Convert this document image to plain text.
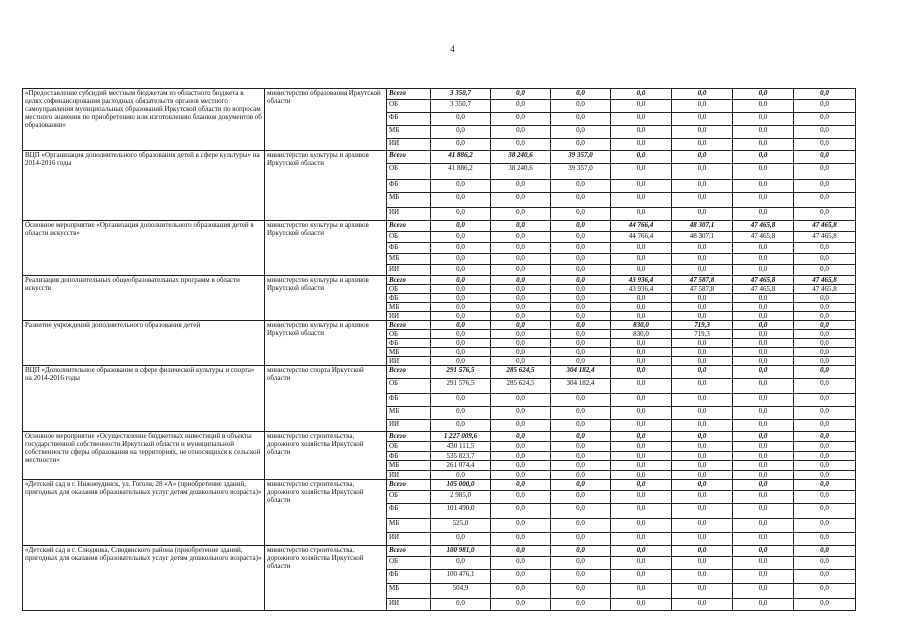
4
«Предоставление субсидий местным бюджетам из областного бюджета в целях софинансирования расходных обязательств органов местного самоуправления муниципальных образований Иркутской области по вопросам местного значения по приобретению или изготовлению бланков документов об образовании»	министерство образования Иркутской области	Всего	3 350,7	0,0	0,0	0,0	0,0	0,0	0,0
		ОБ	3 350,7	0,0	0,0	0,0	0,0	0,0	0,0
		ФБ	0,0	0,0	0,0	0,0	0,0	0,0	0,0
		МБ	0,0	0,0	0,0	0,0	0,0	0,0	0,0
		ИИ	0,0	0,0	0,0	0,0	0,0	0,0	0,0
ВЦП «Организация дополнительного образования детей в сфере культуры» на 2014-2016 годы	министерство культуры и архивов Иркутской области	Всего	41 886,2	38 240,6	39 357,0	0,0	0,0	0,0	0,0
		ОБ	41 886,2	38 240,6	39 357,0	0,0	0,0	0,0	0,0
		ФБ	0,0	0,0	0,0	0,0	0,0	0,0	0,0
		МБ	0,0	0,0	0,0	0,0	0,0	0,0	0,0
		ИИ	0,0	0,0	0,0	0,0	0,0	0,0	0,0
Основное мероприятие «Организация дополнительного образования детей в области искусств»	министерство культуры и архивов Иркутской области	Всего	0,0	0,0	0,0	44 766,4	48 307,1	47 465,8	47 465,8
		ОБ	0,0	0,0	0,0	44 766,4	48 307,1	47 465,8	47 465,8
		ФБ	0,0	0,0	0,0	0,0	0,0	0,0	0,0
		МБ	0,0	0,0	0,0	0,0	0,0	0,0	0,0
		ИИ	0,0	0,0	0,0	0,0	0,0	0,0	0,0
Реализация дополнительных общеобразовательных программ в области искусств	министерство культуры и архивов Иркутской области	Всего	0,0	0,0	0,0	43 936,4	47 587,8	47 465,8	47 465,8
		ОБ	0,0	0,0	0,0	43 936,4	47 587,8	47 465,8	47 465,8
		ФБ	0,0	0,0	0,0	0,0	0,0	0,0	0,0
		МБ	0,0	0,0	0,0	0,0	0,0	0,0	0,0
		ИИ	0,0	0,0	0,0	0,0	0,0	0,0	0,0
Развитие учреждений дополнительного образования детей	министерство культуры и архивов Иркутской области	Всего	0,0	0,0	0,0	830,0	719,3	0,0	0,0
		ОБ	0,0	0,0	0,0	830,0	719,3	0,0	0,0
		ФБ	0,0	0,0	0,0	0,0	0,0	0,0	0,0
		МБ	0,0	0,0	0,0	0,0	0,0	0,0	0,0
		ИИ	0,0	0,0	0,0	0,0	0,0	0,0	0,0
ВЦП «Дополнительное образование в сфере физической культуры и спорта» на 2014-2016 годы	министерство спорта Иркутской области	Всего	291 576,5	285 624,5	304 182,4	0,0	0,0	0,0	0,0
		ОБ	291 576,5	285 624,5	304 182,4	0,0	0,0	0,0	0,0
		ФБ	0,0	0,0	0,0	0,0	0,0	0,0	0,0
		МБ	0,0	0,0	0,0	0,0	0,0	0,0	0,0
		ИИ	0,0	0,0	0,0	0,0	0,0	0,0	0,0
Основное мероприятие «Осуществление бюджетных инвестиций в объекты государственной собственности Иркутской области и муниципальной собственности сферы образования на территориях, не относящихся к сельской местности»	министерство строительства, дорожного хозяйства Иркутской области	Всего	1 227 009,6	0,0	0,0	0,0	0,0	0,0	0,0
		ОБ	430 111,5	0,0	0,0	0,0	0,0	0,0	0,0
		ФБ	535 823,7	0,0	0,0	0,0	0,0	0,0	0,0
		МБ	261 074,4	0,0	0,0	0,0	0,0	0,0	0,0
		ИИ	0,0	0,0	0,0	0,0	0,0	0,0	0,0
«Детский сад в г. Нижнеудинск, ул. Гоголя, 28 «А» (приобретение зданий, пригодных для оказания образовательных услуг детям дошкольного возраста)»	министерство строительства, дорожного хозяйства Иркутской области	Всего	105 000,0	0,0	0,0	0,0	0,0	0,0	0,0
		ОБ	2 985,0	0,0	0,0	0,0	0,0	0,0	0,0
		ФБ	101 490,0	0,0	0,0	0,0	0,0	0,0	0,0
		МБ	525,0	0,0	0,0	0,0	0,0	0,0	0,0
		ИИ	0,0	0,0	0,0	0,0	0,0	0,0	0,0
«Детский сад в г. Слюдянка, Слюдянского района (приобретение зданий, пригодных для оказания образовательных услуг детям дошкольного возраста)»	министерство строительства, дорожного хозяйства Иркутской области	Всего	100 981,0	0,0	0,0	0,0	0,0	0,0	0,0
		ОБ	0,0	0,0	0,0	0,0	0,0	0,0	0,0
		ФБ	100 476,1	0,0	0,0	0,0	0,0	0,0	0,0
		МБ	504,9	0,0	0,0	0,0	0,0	0,0	0,0
		ИИ	0,0	0,0	0,0	0,0	0,0	0,0	0,0
